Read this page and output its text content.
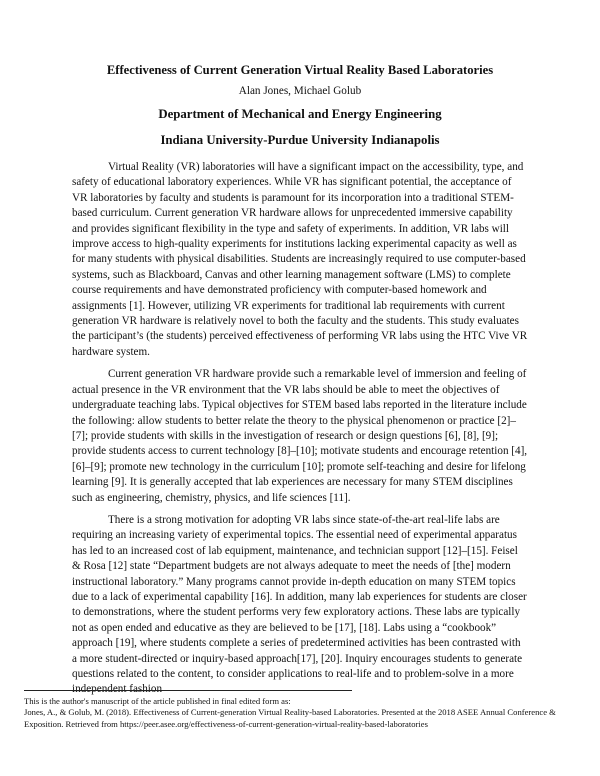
Effectiveness of Current Generation Virtual Reality Based Laboratories
Alan Jones, Michael Golub
Department of Mechanical and Energy Engineering
Indiana University-Purdue University Indianapolis

Virtual Reality (VR) laboratories will have a significant impact on the accessibility, type, and safety of educational laboratory experiences. While VR has significant potential, the acceptance of VR laboratories by faculty and students is paramount for its incorporation into a traditional STEM-based curriculum. Current generation VR hardware allows for unprecedented immersive capability and provides significant flexibility in the type and safety of experiments. In addition, VR labs will improve access to high-quality experiments for institutions lacking experimental capacity as well as for many students with physical disabilities. Students are increasingly required to use computer-based systems, such as Blackboard, Canvas and other learning management software (LMS) to complete course requirements and have demonstrated proficiency with computer-based homework and assignments [1]. However, utilizing VR experiments for traditional lab requirements with current generation VR hardware is relatively novel to both the faculty and the students. This study evaluates the participant’s (the students) perceived effectiveness of performing VR labs using the HTC Vive VR hardware system.

Current generation VR hardware provide such a remarkable level of immersion and feeling of actual presence in the VR environment that the VR labs should be able to meet the objectives of undergraduate teaching labs. Typical objectives for STEM based labs reported in the literature include the following: allow students to better relate the theory to the physical phenomenon or practice [2]–[7]; provide students with skills in the investigation of research or design questions [6], [8], [9]; provide students access to current technology [8]–[10]; motivate students and encourage retention [4], [6]–[9]; promote new technology in the curriculum [10]; promote self-teaching and desire for lifelong learning [9]. It is generally accepted that lab experiences are necessary for many STEM disciplines such as engineering, chemistry, physics, and life sciences [11].

There is a strong motivation for adopting VR labs since state-of-the-art real-life labs are requiring an increasing variety of experimental topics. The essential need of experimental apparatus has led to an increased cost of lab equipment, maintenance, and technician support [12]–[15]. Feisel & Rosa [12] state “Department budgets are not always adequate to meet the needs of [the] modern instructional laboratory.” Many programs cannot provide in-depth education on many STEM topics due to a lack of experimental capability [16]. In addition, many lab experiences for students are closer to demonstrations, where the student performs very few exploratory actions. These labs are typically not as open ended and educative as they are believed to be [17], [18]. Labs using a “cookbook” approach [19], where students complete a series of predetermined activities has been contrasted with a more student-directed or inquiry-based approach[17], [20]. Inquiry encourages students to generate questions related to the content, to consider applications to real-life and to problem-solve in a more independent fashion

This is the author's manuscript of the article published in final edited form as:

Jones, A., & Golub, M. (2018). Effectiveness of Current-generation Virtual Reality-based Laboratories. Presented at the 2018 ASEE Annual Conference & Exposition. Retrieved from https://peer.asee.org/effectiveness-of-current-generation-virtual-reality-based-laboratories
